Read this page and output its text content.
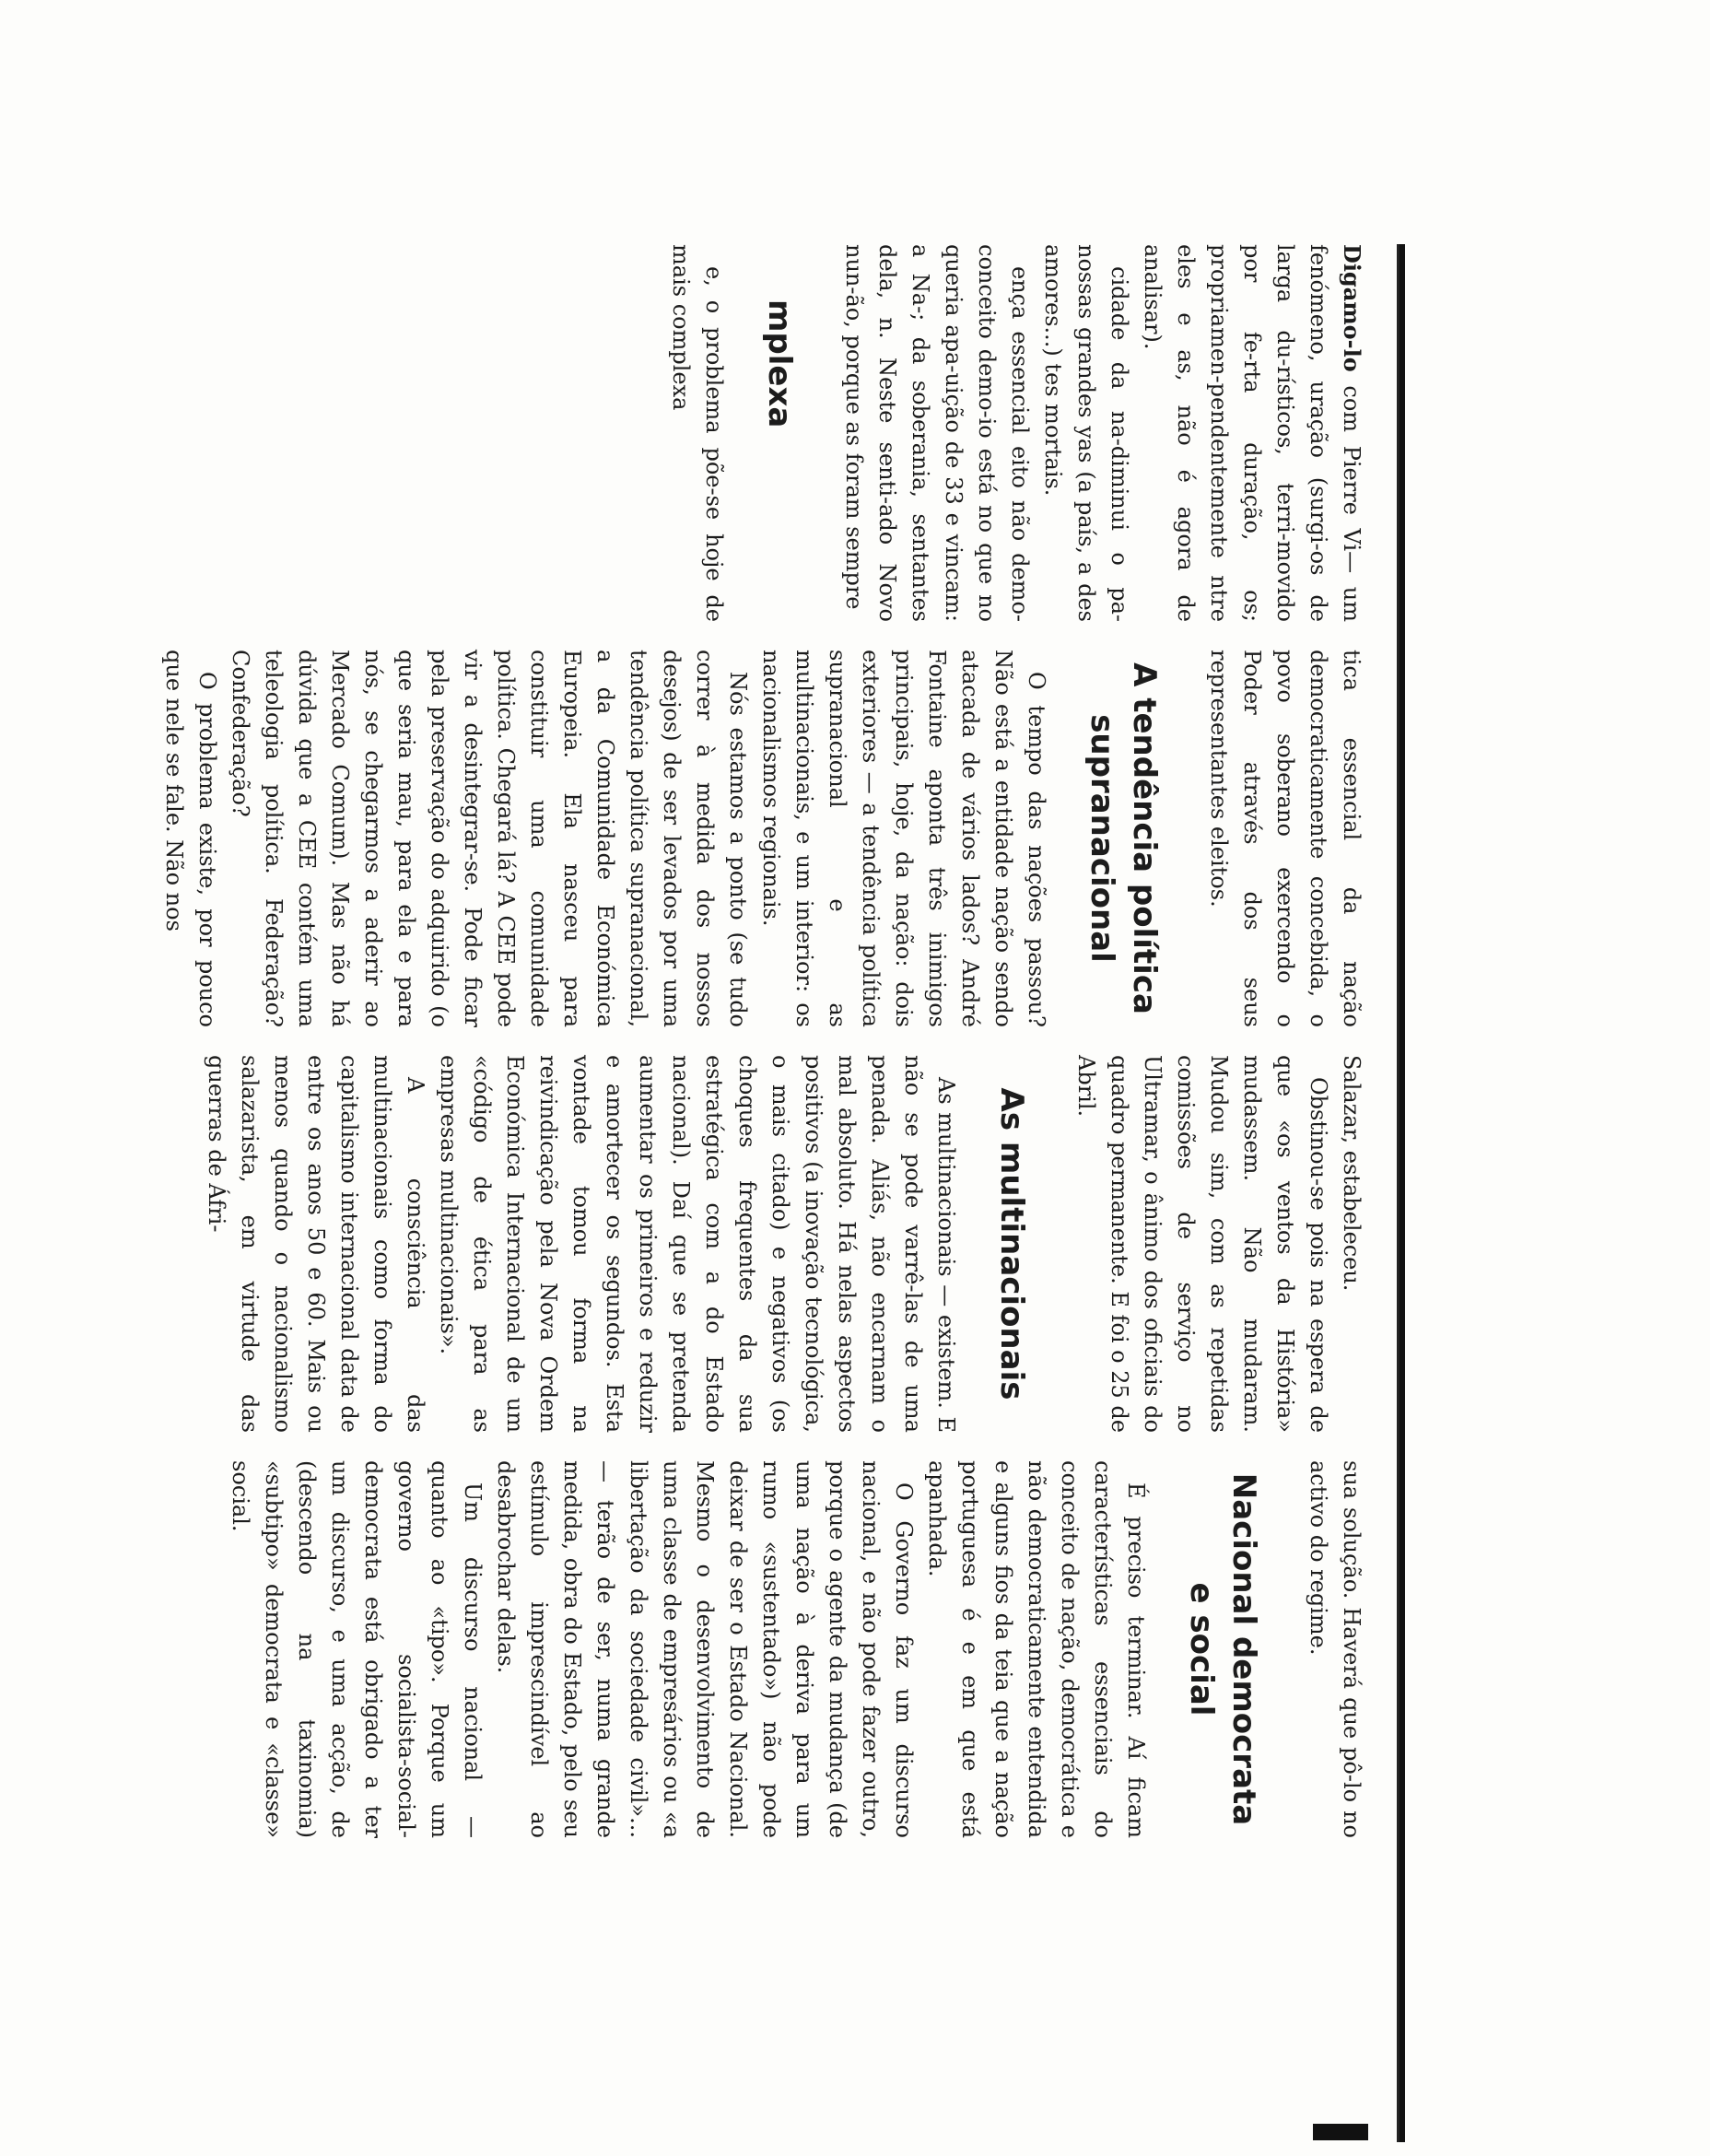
Digamo-lo com Pierre Vi— um fenómeno, uração (surgi-os de larga du-rísticos, terri-movido por fe-rta duração, os; propriamen-pendentemente ntre eles e as, não é agora de analisar).

cidade da na-diminui o pa-nossas grandes yas (a país, a des amores...) tes mortais.

ença essencial eito não demo-conceito demo-io está no que no queria apa-uição de 33 e vincam: a Na-; da soberania, sentantes dela, n. Neste senti-ado Novo nun-ão, porque as foram sempre

mplexa

e, o problema põe-se hoje de mais complexa

tica essencial da nação democraticamente concebida, o povo soberano exercendo o Poder através dos seus representantes eleitos.

A tendência política supranacional

O tempo das nações passou? Não está a entidade nação sendo atacada de vários lados? André Fontaine aponta três inimigos principais, hoje, da nação: dois exteriores — a tendência política supranacional e as multinacionais, e um interior: os nacionalismos regionais.

Nós estamos a ponto (se tudo correr à medida dos nossos desejos) de ser levados por uma tendência política supranacional, a da Comunidade Económica Europeia. Ela nasceu para constituir uma comunidade política. Chegará lá? A CEE pode vir a desintegrar-se. Pode ficar pela preservação do adquirido (o que seria mau, para ela e para nós, se chegarmos a aderir ao Mercado Comum). Mas não há dúvida que a CEE contém uma teleologia política. Federação? Confederação?

O problema existe, por pouco que nele se fale. Não nos

Salazar, estabeleceu.

Obstinou-se pois na espera de que «os ventos da História» mudassem. Não mudaram. Mudou sim, com as repetidas comissões de serviço no Ultramar, o ânimo dos oficiais do quadro permanente. E foi o 25 de Abril.

As multinacionais

As multinacionais — existem. E não se pode varrê-las de uma penada. Aliás, não encarnam o mal absoluto. Há nelas aspectos positivos (a inovação tecnológica, o mais citado) e negativos (os choques frequentes da sua estratégica com a do Estado nacional). Daí que se pretenda aumentar os primeiros e reduzir e amortecer os segundos. Esta vontade tomou forma na reivindicação pela Nova Ordem Económica Internacional de um «código de ética para as empresas multinacionais».

A consciência das multinacionais como forma do capitalismo internacional data de entre os anos 50 e 60. Mais ou menos quando o nacionalismo salazarista, em virtude das guerras de Áfri-

sua solução. Haverá que pô-lo no activo do regime.

Nacional democrata e social

É preciso terminar. Aí ficam características essenciais do conceito de nação, democrática e não democraticamente entendida e alguns fios da teia que a nação portuguesa é e em que está apanhada.

O Governo faz um discurso nacional, e não pode fazer outro, porque o agente da mudança (de uma nação à deriva para um rumo «sustentado») não pode deixar de ser o Estado Nacional. Mesmo o desenvolvimento de uma classe de empresários ou «a libertação da sociedade civil»... — terão de ser, numa grande medida, obra do Estado, pelo seu estímulo imprescindível ao desabrochar delas.

Um discurso nacional — quanto ao «tipo». Porque um governo socialista-social-democrata está obrigado a ter um discurso, e uma acção, de (descendo na taxinomia) «subtipo» democrata e «classe» social.
